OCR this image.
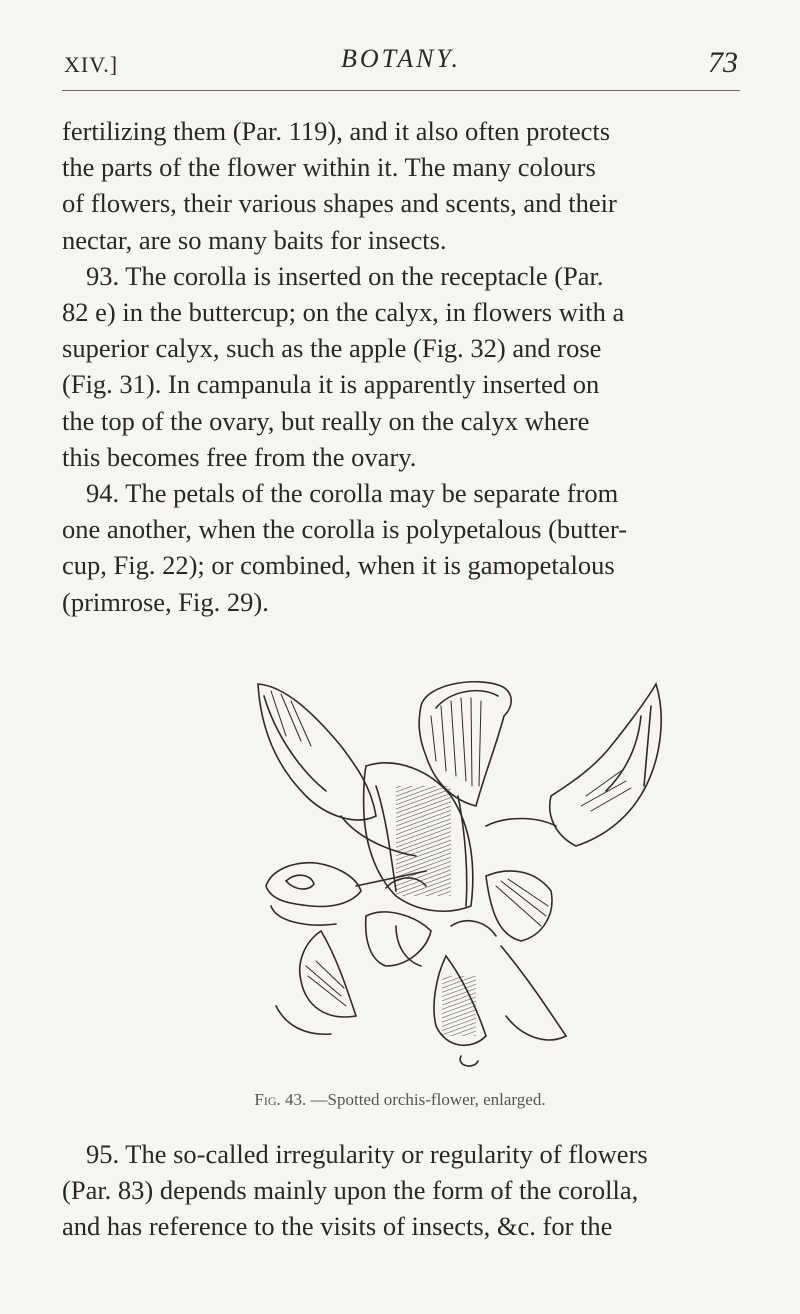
XIV.]	BOTANY.	73

fertilizing them (Par. 119), and it also often protects
the parts of the flower within it. The many colours
of flowers, their various shapes and scents, and their
nectar, are so many baits for insects.

93. The corolla is inserted on the receptacle (Par.
82 e) in the buttercup; on the calyx, in flowers with a
superior calyx, such as the apple (Fig. 32) and rose
(Fig. 31). In campanula it is apparently inserted on
the top of the ovary, but really on the calyx where
this becomes free from the ovary.

94. The petals of the corolla may be separate from
one another, when the corolla is polypetalous (butter-
cup, Fig. 22); or combined, when it is gamopetalous
(primrose, Fig. 29).

Fig. 43. —Spotted orchis-flower, enlarged.

95. The so-called irregularity or regularity of flowers
(Par. 83) depends mainly upon the form of the corolla,
and has reference to the visits of insects, &c. for the
